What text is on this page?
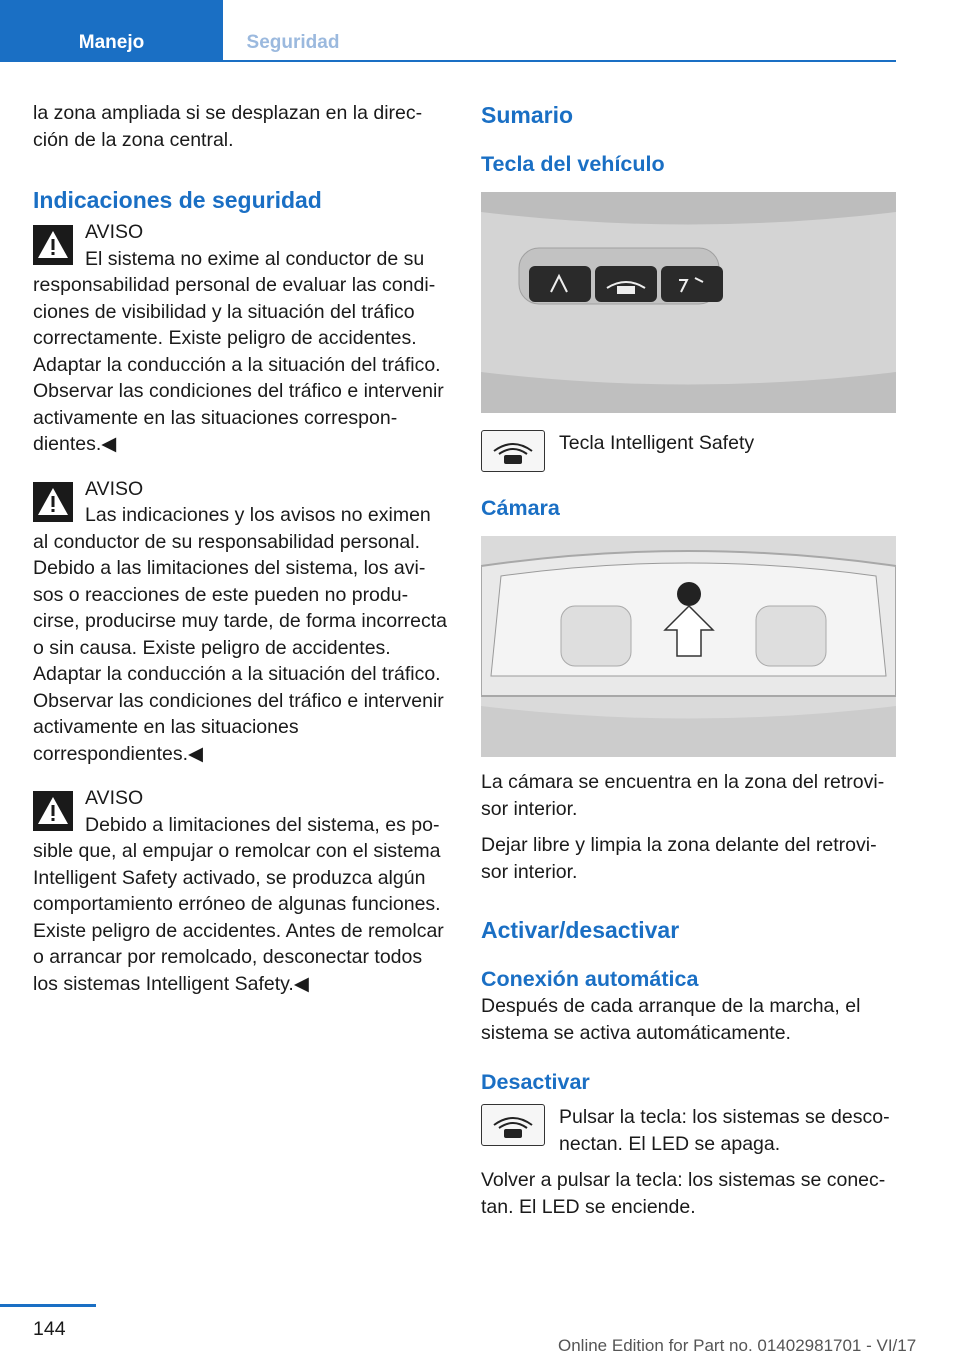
Manejo	Seguridad

la zona ampliada si se desplazan en la dirección de la zona central.

Indicaciones de seguridad
AVISO
El sistema no exime al conductor de su responsabilidad personal de evaluar las condiciones de visibilidad y la situación del tráfico correctamente. Existe peligro de accidentes. Adaptar la conducción a la situación del tráfico. Observar las condiciones del tráfico e intervenir activamente en las situaciones correspondientes.◀
AVISO
Las indicaciones y los avisos no eximen al conductor de su responsabilidad personal. Debido a las limitaciones del sistema, los avisos o reacciones de este pueden no producirse, producirse muy tarde, de forma incorrecta o sin causa. Existe peligro de accidentes. Adaptar la conducción a la situación del tráfico. Observar las condiciones del tráfico e intervenir activamente en las situaciones correspondientes.◀
AVISO
Debido a limitaciones del sistema, es posible que, al empujar o remolcar con el sistema Intelligent Safety activado, se produzca algún comportamiento erróneo de algunas funciones. Existe peligro de accidentes. Antes de remolcar o arrancar por remolcado, desconectar todos los sistemas Intelligent Safety.◀
Sumario
Tecla del vehículo
Tecla Intelligent Safety
Cámara

La cámara se encuentra en la zona del retrovisor interior.

Dejar libre y limpia la zona delante del retrovisor interior.

Activar/desactivar
Conexión automática

Después de cada arranque de la marcha, el sistema se activa automáticamente.

Desactivar
Pulsar la tecla: los sistemas se desconectan. El LED se apaga.

Volver a pulsar la tecla: los sistemas se conectan. El LED se enciende.

144
Online Edition for Part no. 01402981701 - VI/17
